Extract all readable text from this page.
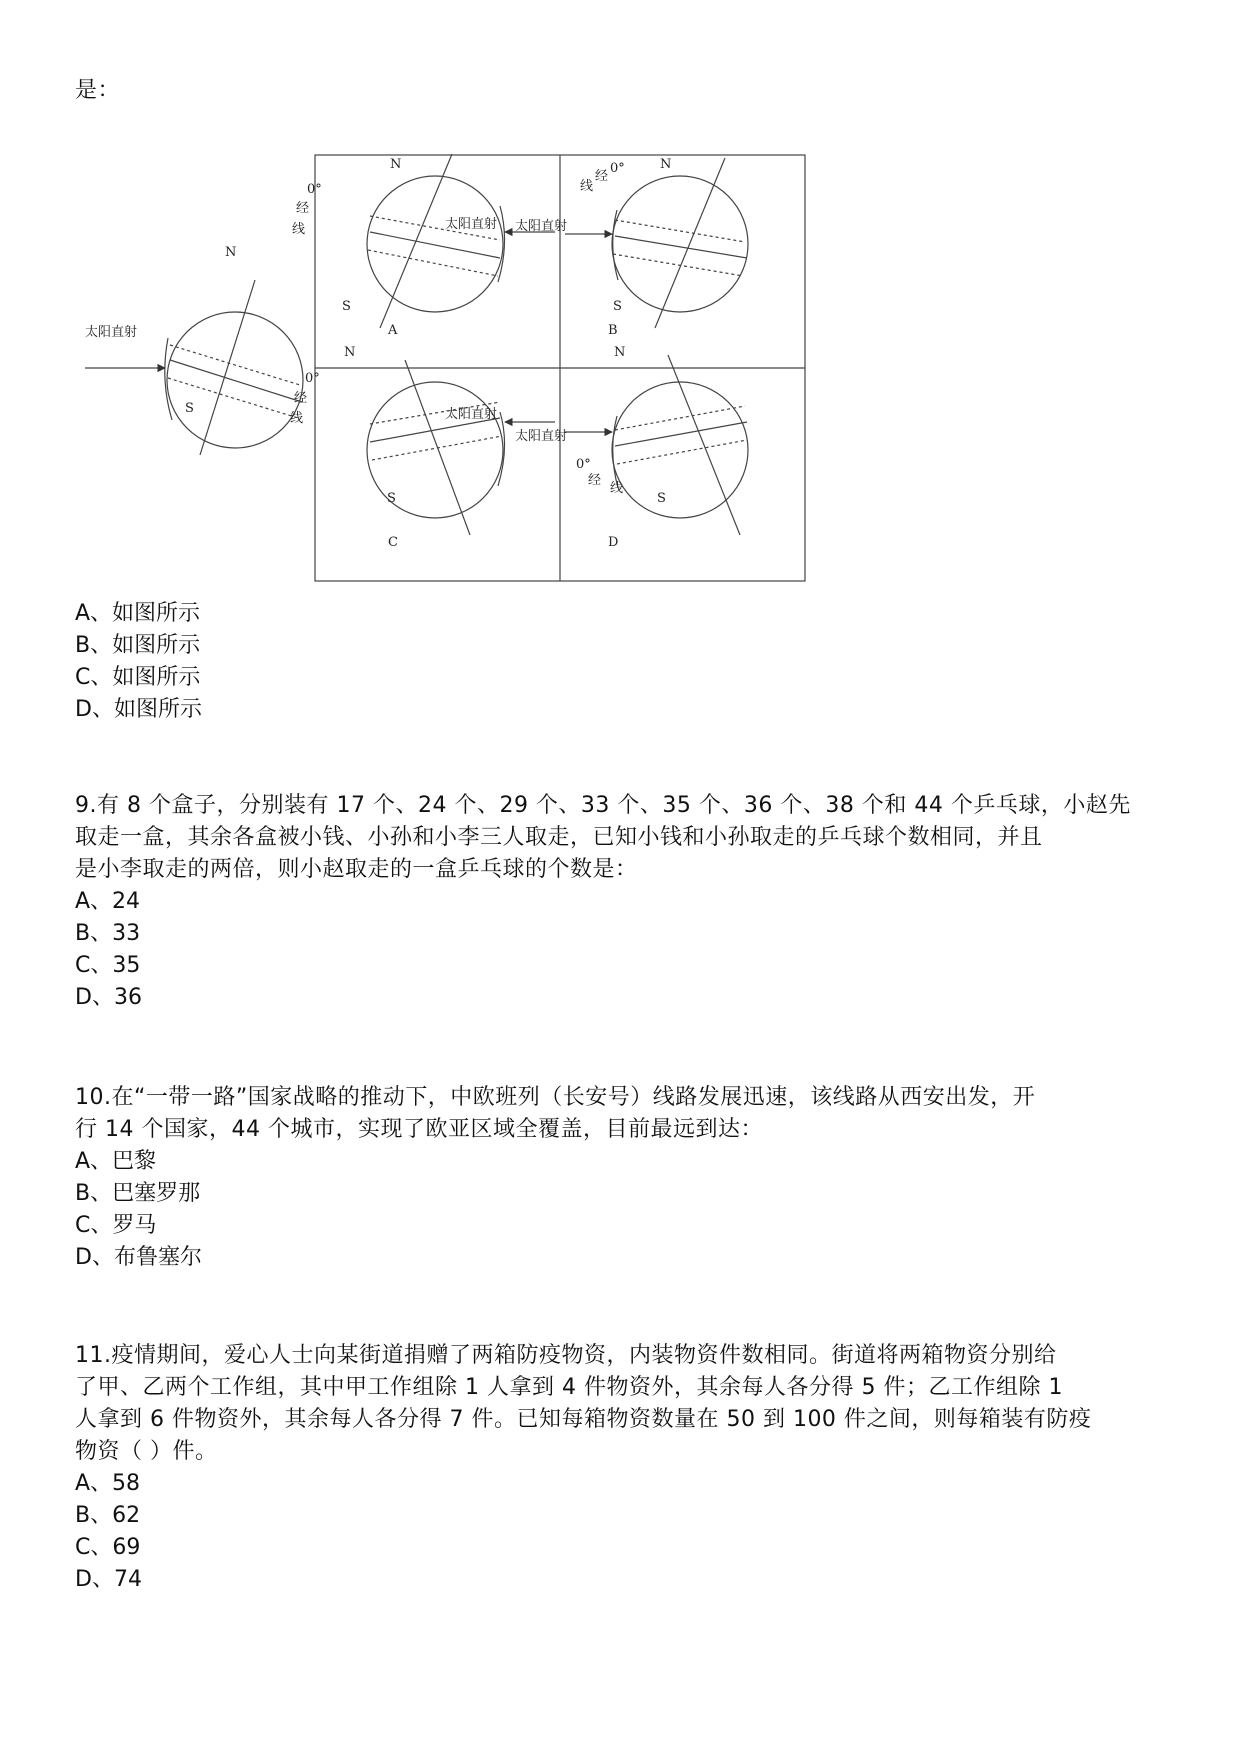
是：
N
S
太阳直射
N
S
0°
经
线	太阳直射
A
N
S
0°
经
线
太阳直射
B
N
S
0°
经
线	太阳直射
C
N
S
0°
经
线
太阳直射
D
A、如图所示
B、如图所示
C、如图所示
D、如图所示
9.有 8 个盒子，分别装有 17 个、24 个、29 个、33 个、35 个、36 个、38 个和 44 个乒乓球，小赵先
取走一盒，其余各盒被小钱、小孙和小李三人取走，已知小钱和小孙取走的乒乓球个数相同，并且
是小李取走的两倍，则小赵取走的一盒乒乓球的个数是：
A、24
B、33
C、35
D、36
10.在“一带一路”国家战略的推动下，中欧班列（长安号）线路发展迅速，该线路从西安出发，开
行 14 个国家，44 个城市，实现了欧亚区域全覆盖，目前最远到达：
A、巴黎
B、巴塞罗那
C、罗马
D、布鲁塞尔
11.疫情期间，爱心人士向某街道捐赠了两箱防疫物资，内装物资件数相同。街道将两箱物资分别给
了甲、乙两个工作组，其中甲工作组除 1 人拿到 4 件物资外，其余每人各分得 5 件；乙工作组除 1
人拿到 6 件物资外，其余每人各分得 7 件。已知每箱物资数量在 50 到 100 件之间，则每箱装有防疫
物资（ ）件。
A、58
B、62
C、69
D、74
